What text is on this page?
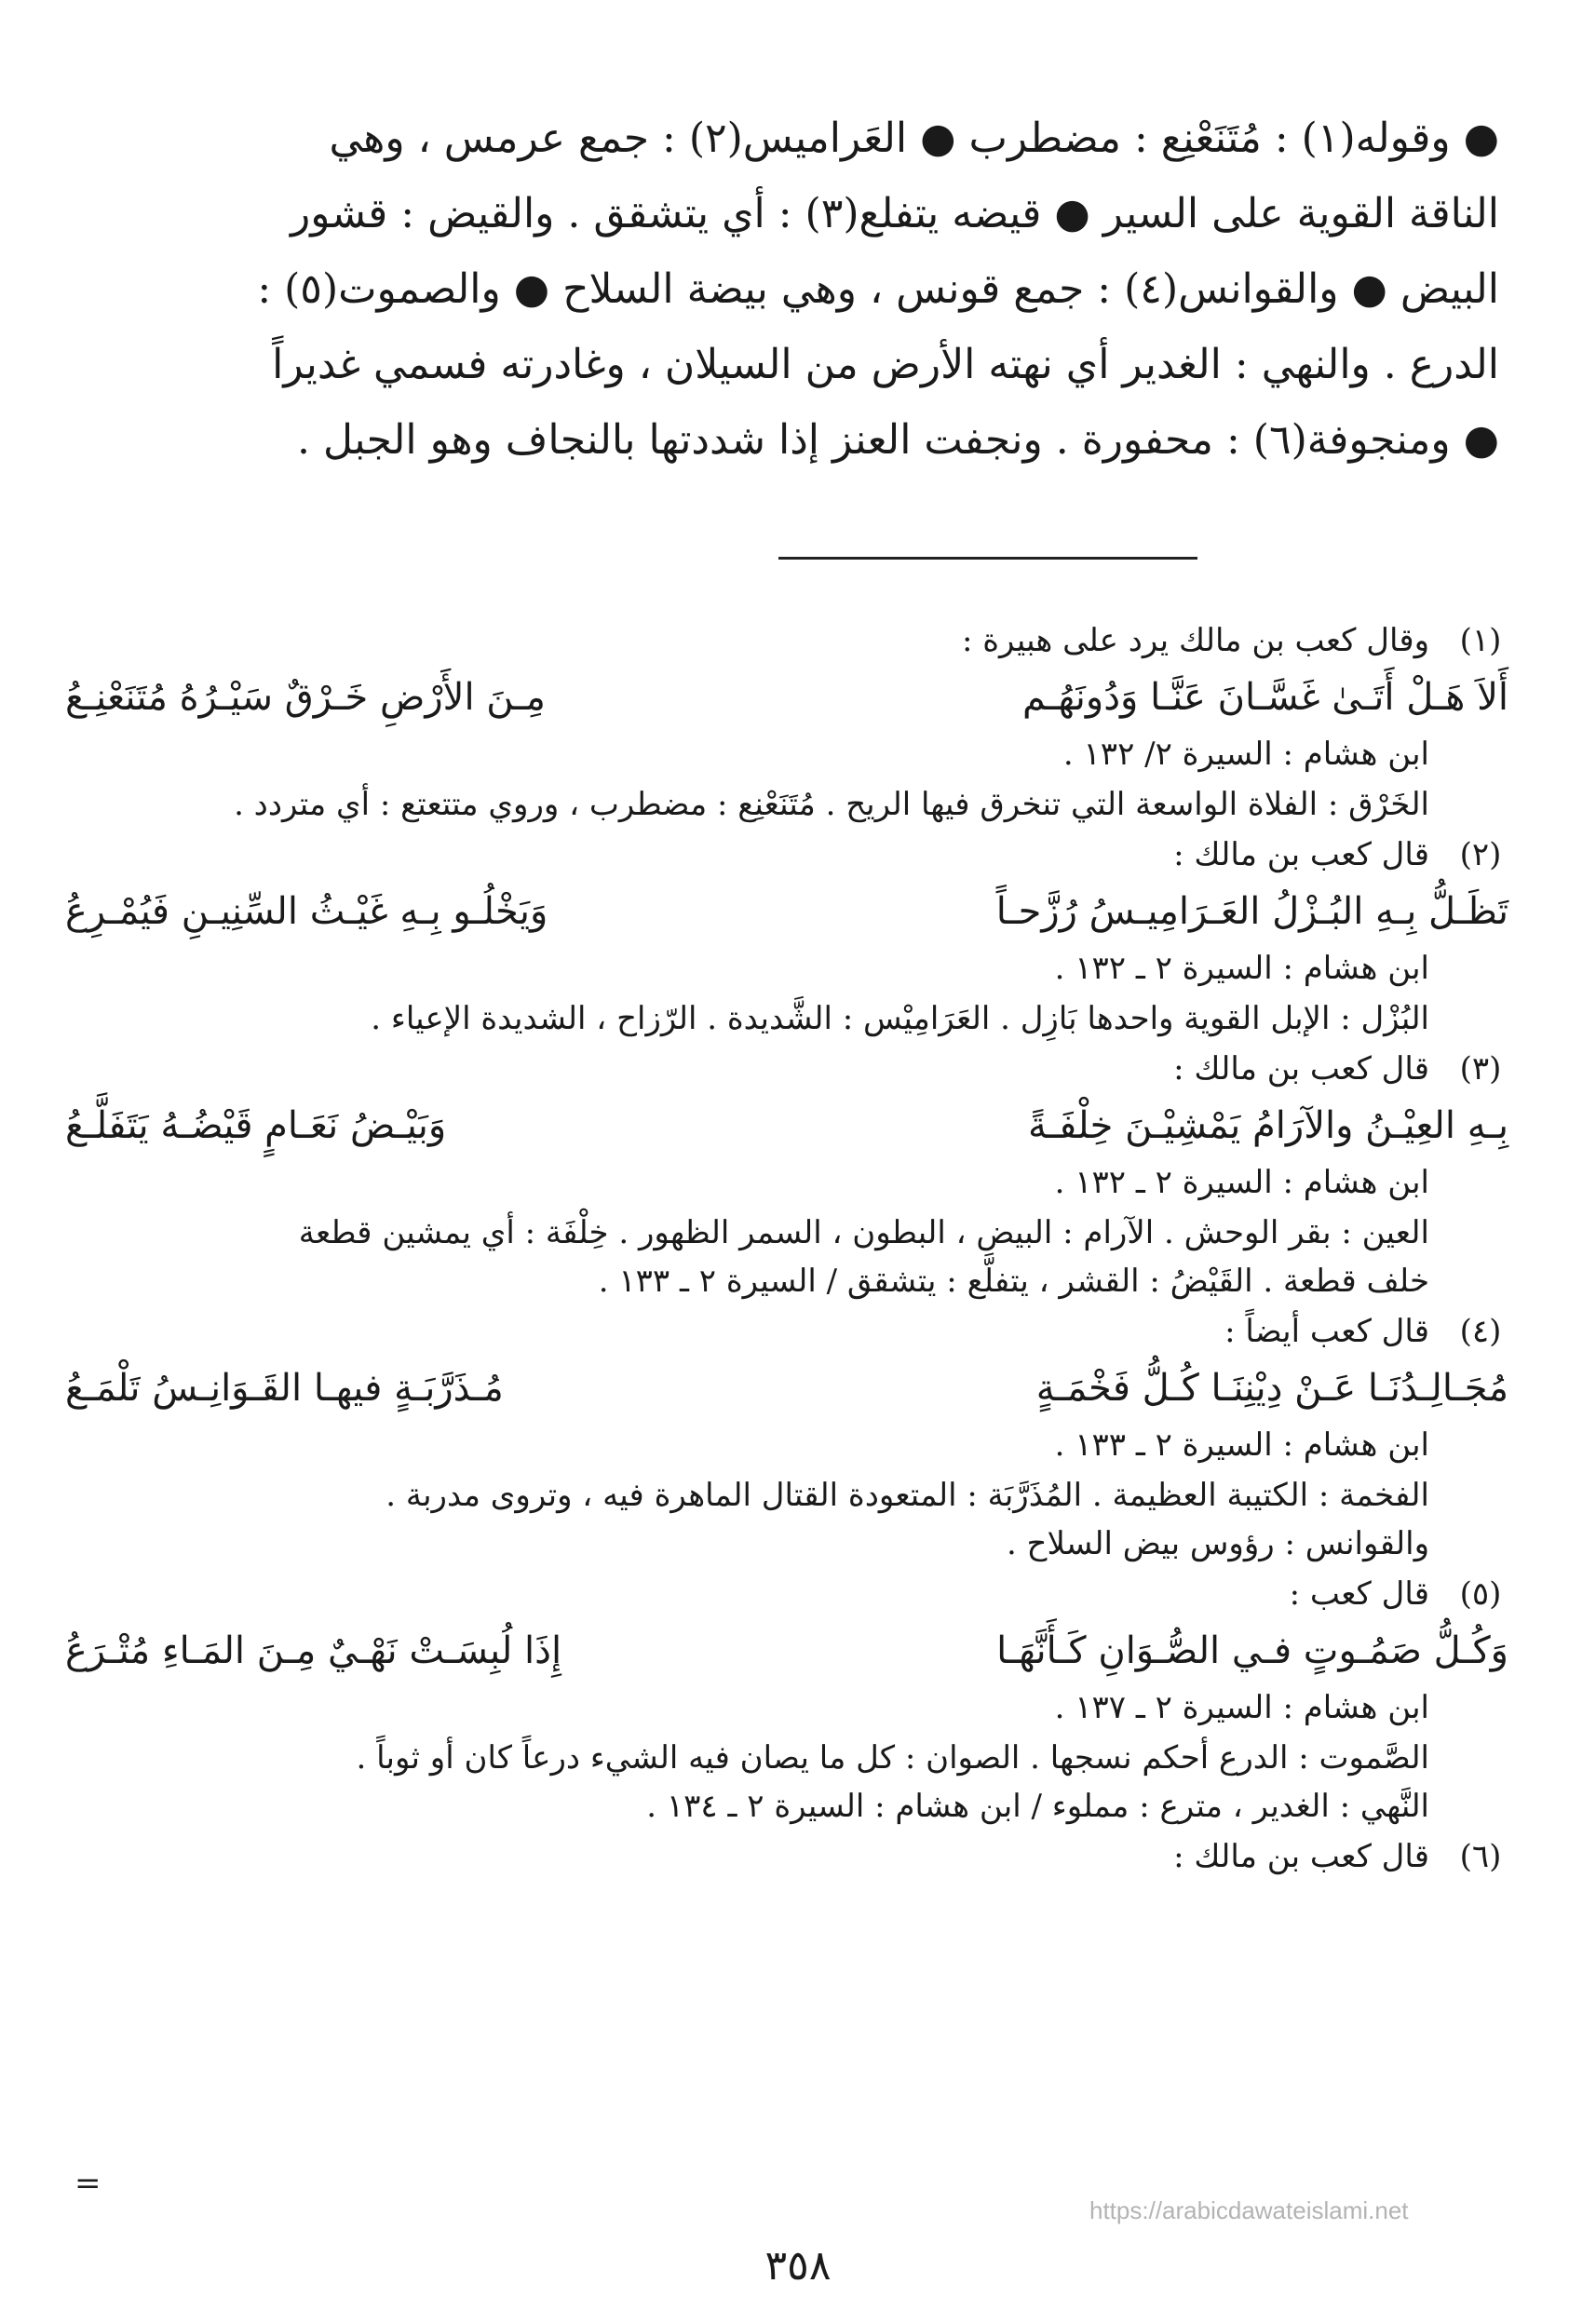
● وقوله(١) : مُتَنَعْنِع : مضطرب ● العَراميس(٢) : جمع عرمس ، وهي

الناقة القوية على السير ● قيضه يتفلع(٣) : أي يتشقق . والقيض : قشور

البيض ● والقوانس(٤) : جمع قونس ، وهي بيضة السلاح ● والصموت(٥) :

الدرع . والنهي : الغدير أي نهته الأرض من السيلان ، وغادرته فسمي غديراً

● ومنجوفة(٦) : محفورة . ونجفت العنز إذا شددتها بالنجاف وهو الجبل .

(١)

وقال كعب بن مالك يرد على هبيرة :

أَلاَ هَـلْ أَتَـىٰ غَسَّـانَ عَنَّـا وَدُونَهُـم
مِـنَ الأَرْضِ خَـرْقٌ سَيْـرُهُ مُتَنَعْنِـعُ

ابن هشام : السيرة ٢/ ١٣٢ .

الخَرْق : الفلاة الواسعة التي تنخرق فيها الريح . مُتَنَعْنِع : مضطرب ، وروي متتعتع : أي متردد .

(٢)

قال كعب بن مالك :

تَظَـلُّ بِـهِ البُـزْلُ العَـرَامِيـسُ رُزَّحـاً
وَيَخْلُـو بِـهِ غَيْـثُ السِّنِيـنِ فَيُمْـرِعُ

ابن هشام : السيرة ٢ ـ ١٣٢ .

البُزْل : الإبل القوية واحدها بَازِل . العَرَامِيْس : الشَّديدة . الرّزاح ، الشديدة الإعياء .

(٣)

قال كعب بن مالك :

بِـهِ العِيْـنُ والآرَامُ يَمْشِيْـنَ خِلْفَـةً
وَبَيْـضُ نَعَـامٍ قَيْضُـهُ يَتَفَلَّـعُ

ابن هشام : السيرة ٢ ـ ١٣٢ .

العين : بقر الوحش . الآرام : البيض ، البطون ، السمر الظهور . خِلْفَة : أي يمشين قطعة

خلف قطعة . القَيْضُ : القشر ، يتفلَّع : يتشقق / السيرة ٢ ـ ١٣٣ .

(٤)

قال كعب أيضاً :

مُجَـالِـدُنَـا عَـنْ دِيْنِنَـا كُـلُّ فَخْمَـةٍ
مُـذَرَّبَـةٍ فيهـا القَـوَانِـسُ تَلْمَـعُ

ابن هشام : السيرة ٢ ـ ١٣٣ .

الفخمة : الكتيبة العظيمة . المُذَرَّبَة : المتعودة القتال الماهرة فيه ، وتروى مدربة .

والقوانس : رؤوس بيض السلاح .

(٥)

قال كعب :

وَكُـلُّ صَمُـوتٍ فـي الصُّـوَانِ كَـأَنَّهَـا
إِذَا لُبِسَـتْ نَهْـيٌ مِـنَ المَـاءِ مُتْـرَعُ

ابن هشام : السيرة ٢ ـ ١٣٧ .

الصَّموت : الدرع أحكم نسجها . الصوان : كل ما يصان فيه الشيء درعاً كان أو ثوباً .

النَّهي : الغدير ، مترع : مملوء / ابن هشام : السيرة ٢ ـ ١٣٤ .

(٦)

قال كعب بن مالك :

=
https://arabicdawateislami.net
٣٥٨
